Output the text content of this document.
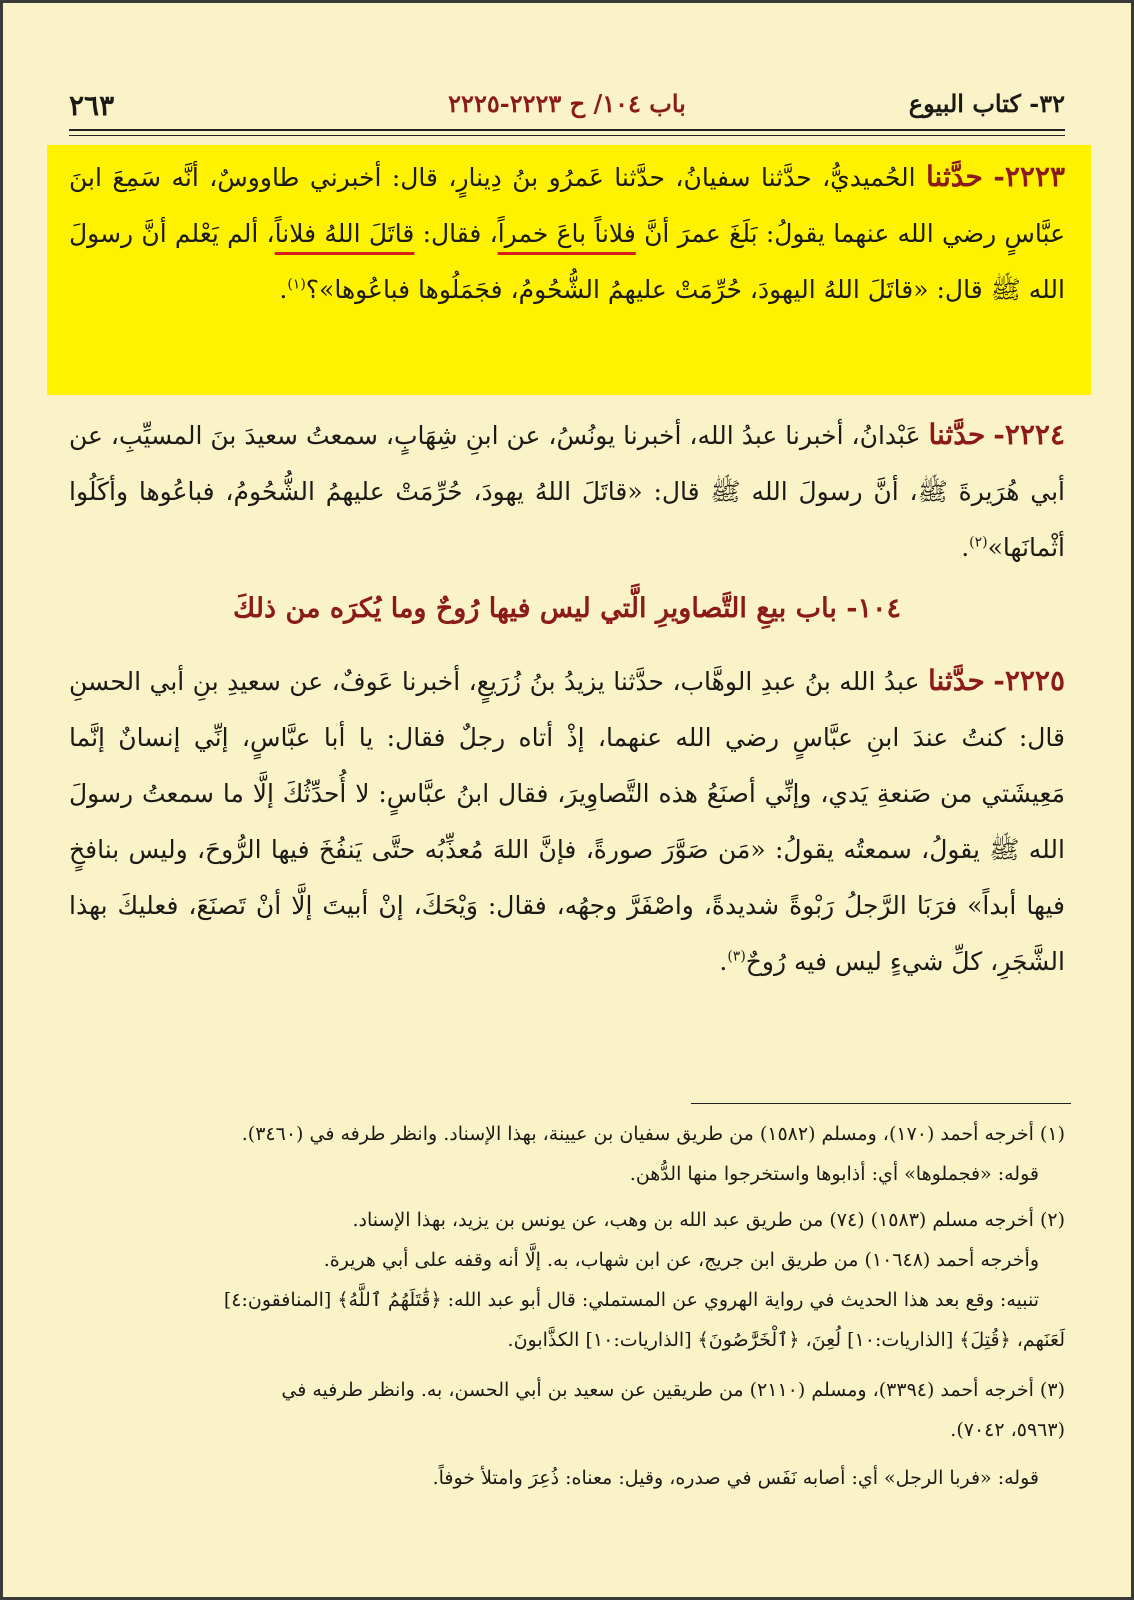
٣٢- كتاب البيوع
باب ١٠٤/ ح ٢٢٢٣-٢٢٢٥
٢٦٣
٢٢٢٣- حدَّثنا الحُميديُّ، حدَّثنا سفيانُ، حدَّثنا عَمرُو بنُ دِينارٍ، قال: أخبرني طاووسٌ، أنَّه سَمِعَ ابنَ عبَّاسٍ رضي الله عنهما يقولُ: بَلَغَ عمرَ أنَّ فلاناً باعَ خمراً، فقال: قاتَلَ اللهُ فلاناً، ألم يَعْلم أنَّ رسولَ الله ﷺ قال: «قاتَلَ اللهُ اليهودَ، حُرِّمَتْ عليهمُ الشُّحُومُ، فجَمَلُوها فباعُوها»؟$^{(١)}$.
٢٢٢٤- حدَّثنا عَبْدانُ، أخبرنا عبدُ الله، أخبرنا يونُسُ، عن ابنِ شِهَابٍ، سمعتُ سعيدَ بنَ المسيِّبِ، عن أبي هُرَيرةَ ﷺ، أنَّ رسولَ الله ﷺ قال: «قاتَلَ اللهُ يهودَ، حُرِّمَتْ عليهمُ الشُّحُومُ، فباعُوها وأكَلُوا أثْمانَها»$^{(٢)}$.
١٠٤- باب بيعِ التَّصاويرِ الَّتي ليس فيها رُوحٌ وما يُكرَه من ذلكَ
٢٢٢٥- حدَّثنا عبدُ الله بنُ عبدِ الوهَّاب، حدَّثنا يزيدُ بنُ زُرَيعٍ، أخبرنا عَوفٌ، عن سعيدِ بنِ أبي الحسنِ قال: كنتُ عندَ ابنِ عبَّاسٍ رضي الله عنهما، إذْ أتاه رجلٌ فقال: يا أبا عبَّاسٍ، إنِّي إنسانٌ إنَّما مَعِيشَتي من صَنعةِ يَدي، وإنِّي أصنَعُ هذه التَّصاوِيرَ، فقال ابنُ عبَّاسٍ: لا أُحدِّثُكَ إلَّا ما سمعتُ رسولَ الله ﷺ يقولُ، سمعتُه يقولُ: «مَن صَوَّرَ صورةً، فإنَّ اللهَ مُعذِّبُه حتَّى يَنفُخَ فيها الرُّوحَ، وليس بنافخٍ فيها أبداً» فرَبَا الرَّجلُ رَبْوةً شديدةً، واصْفَرَّ وجهُه، فقال: وَيْحَكَ، إنْ أبيتَ إلَّا أنْ تَصنَعَ، فعليكَ بهذا الشَّجَرِ، كلِّ شيءٍ ليس فيه رُوحٌ$^{(٣)}$.
(١) أخرجه أحمد (١٧٠)، ومسلم (١٥٨٢) من طريق سفيان بن عيينة، بهذا الإسناد. وانظر طرفه في (٣٤٦٠).
قوله: «فجملوها» أي: أذابوها واستخرجوا منها الدُّهن.
(٢) أخرجه مسلم (١٥٨٣) (٧٤) من طريق عبد الله بن وهب، عن يونس بن يزيد، بهذا الإسناد.
وأخرجه أحمد (١٠٦٤٨) من طريق ابن جريج، عن ابن شهاب، به. إلَّا أنه وقفه على أبي هريرة.
تنبيه: وقع بعد هذا الحديث في رواية الهروي عن المستملي: قال أبو عبد الله: ﴿قَٰتَلَهُمُ ٱللَّهُ﴾ [المنافقون:٤]
لَعَنَهم، ﴿قُتِلَ﴾ [الذاريات:١٠] لُعِنَ، ﴿ٱلْخَرَّٰصُونَ﴾ [الذاريات:١٠] الكذَّابونَ.
(٣) أخرجه أحمد (٣٣٩٤)، ومسلم (٢١١٠) من طريقين عن سعيد بن أبي الحسن، به. وانظر طرفيه في
(٥٩٦٣، ٧٠٤٢).
قوله: «فربا الرجل» أي: أصابه نَفَس في صدره، وقيل: معناه: ذُعِرَ وامتلأ خوفاً.
